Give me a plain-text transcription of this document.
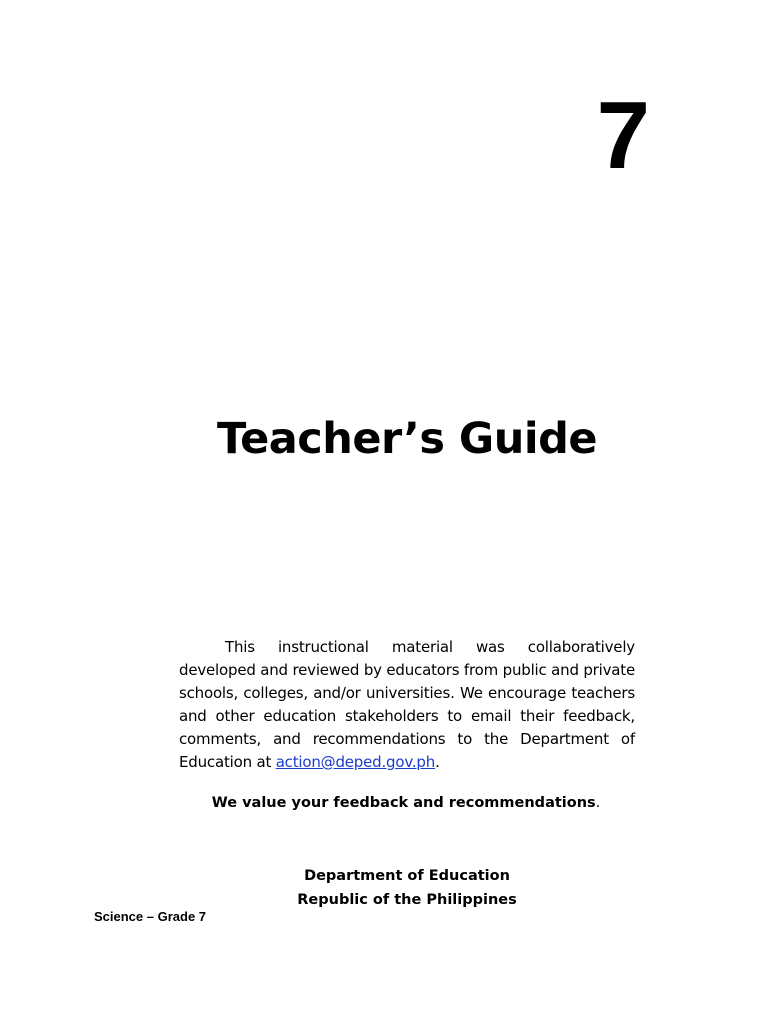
7
Teacher’s Guide

This instructional material was collaboratively developed and reviewed by educators from public and private schools, colleges, and/or universities. We encourage teachers and other education stakeholders to email their feedback, comments, and recommendations to the Department of Education at action@deped.gov.ph.

We value your feedback and recommendations.

Department of Education
Republic of the Philippines
Science – Grade 7
